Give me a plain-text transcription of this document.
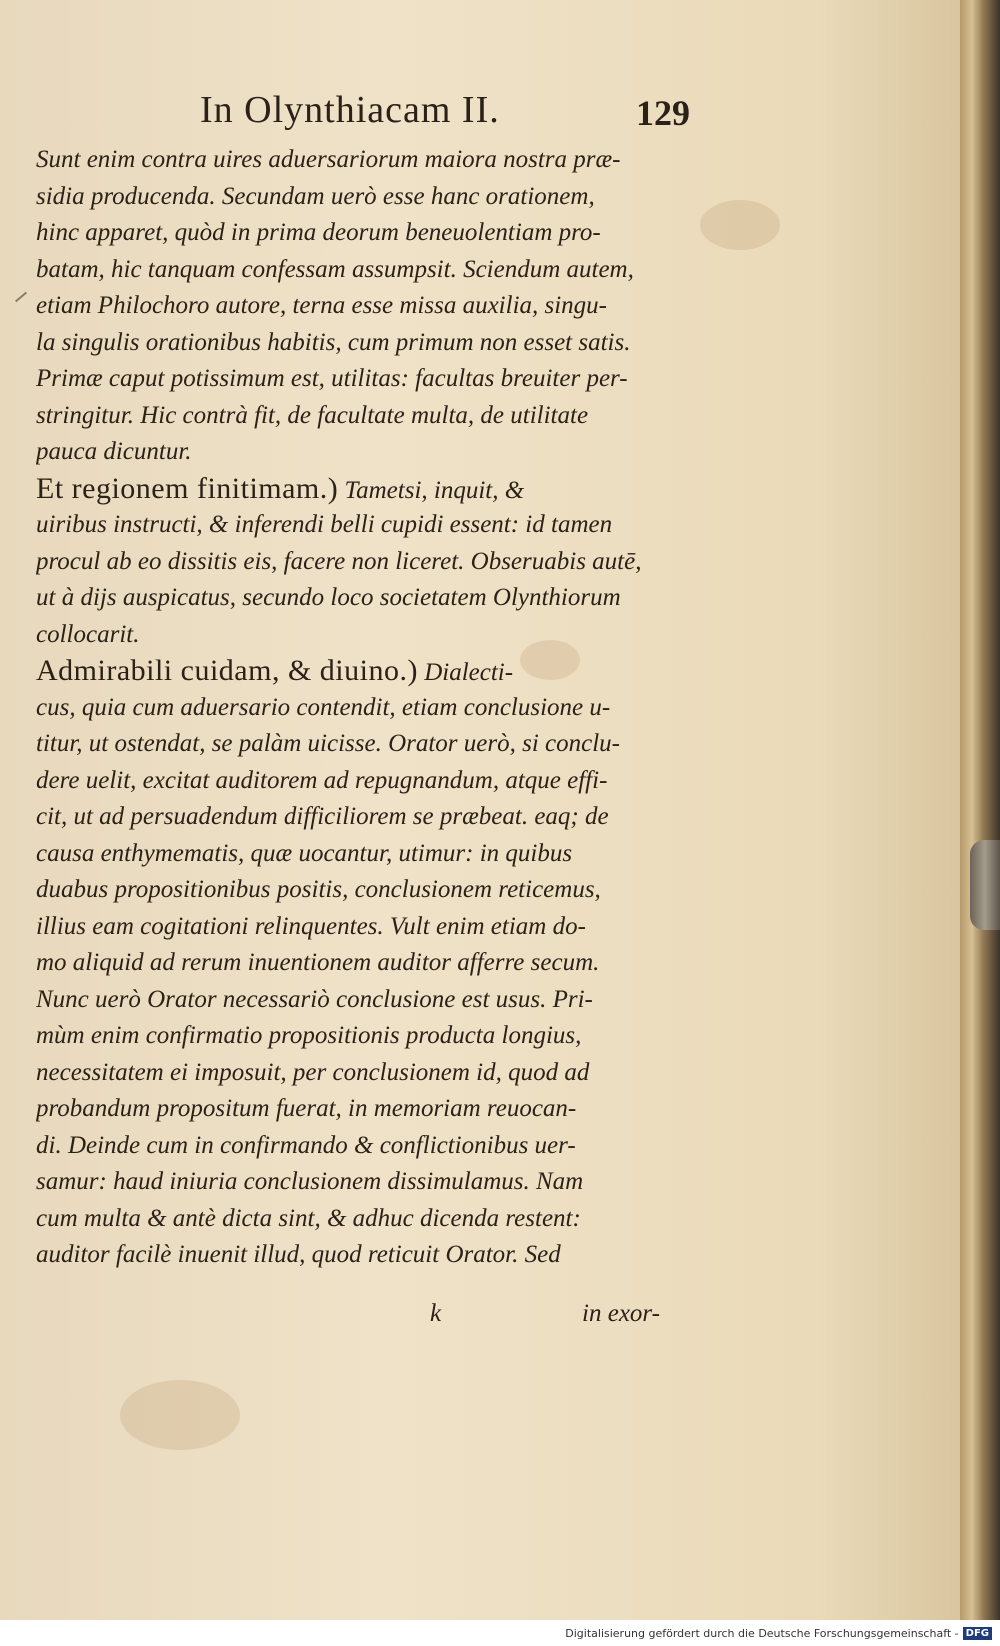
In Olynthiacam II.	129
Sunt enim contra uires aduersariorum maiora nostra præ-
sidia producenda. Secundam uerò esse hanc orationem,
hinc apparet, quòd in prima deorum beneuolentiam pro-
batam, hic tanquam confessam assumpsit. Sciendum autem,
etiam Philochoro autore, terna esse missa auxilia, singu-
la singulis orationibus habitis, cum primum non esset satis.
Primæ caput potissimum est, utilitas: facultas breuiter per-
stringitur. Hic contrà fit, de facultate multa, de utilitate
pauca dicuntur.
Et regionem finitimam.) Tametsi, inquit, &
uiribus instructi, & inferendi belli cupidi essent: id tamen
procul ab eo dissitis eis, facere non liceret. Obseruabis autē,
ut à dijs auspicatus, secundo loco societatem Olynthiorum
collocarit.
Admirabili cuidam, & diuino.) Dialecti-
cus, quia cum aduersario contendit, etiam conclusione u-
titur, ut ostendat, se palàm uicisse. Orator uerò, si conclu-
dere uelit, excitat auditorem ad repugnandum, atque effi-
cit, ut ad persuadendum difficiliorem se præbeat. eaq; de
causa enthymematis, quæ uocantur, utimur: in quibus
duabus propositionibus positis, conclusionem reticemus,
illius eam cogitationi relinquentes. Vult enim etiam do-
mo aliquid ad rerum inuentionem auditor afferre secum.
Nunc uerò Orator necessariò conclusione est usus. Pri-
mùm enim confirmatio propositionis producta longius,
necessitatem ei imposuit, per conclusionem id, quod ad
probandum propositum fuerat, in memoriam reuocan-
di. Deinde cum in confirmando & conflictionibus uer-
samur: haud iniuria conclusionem dissimulamus. Nam
cum multa & antè dicta sint, & adhuc dicenda restent:
auditor facilè inuenit illud, quod reticuit Orator. Sed
k	in exor-
Digitalisierung gefördert durch die Deutsche Forschungsgemeinschaft - DFG
